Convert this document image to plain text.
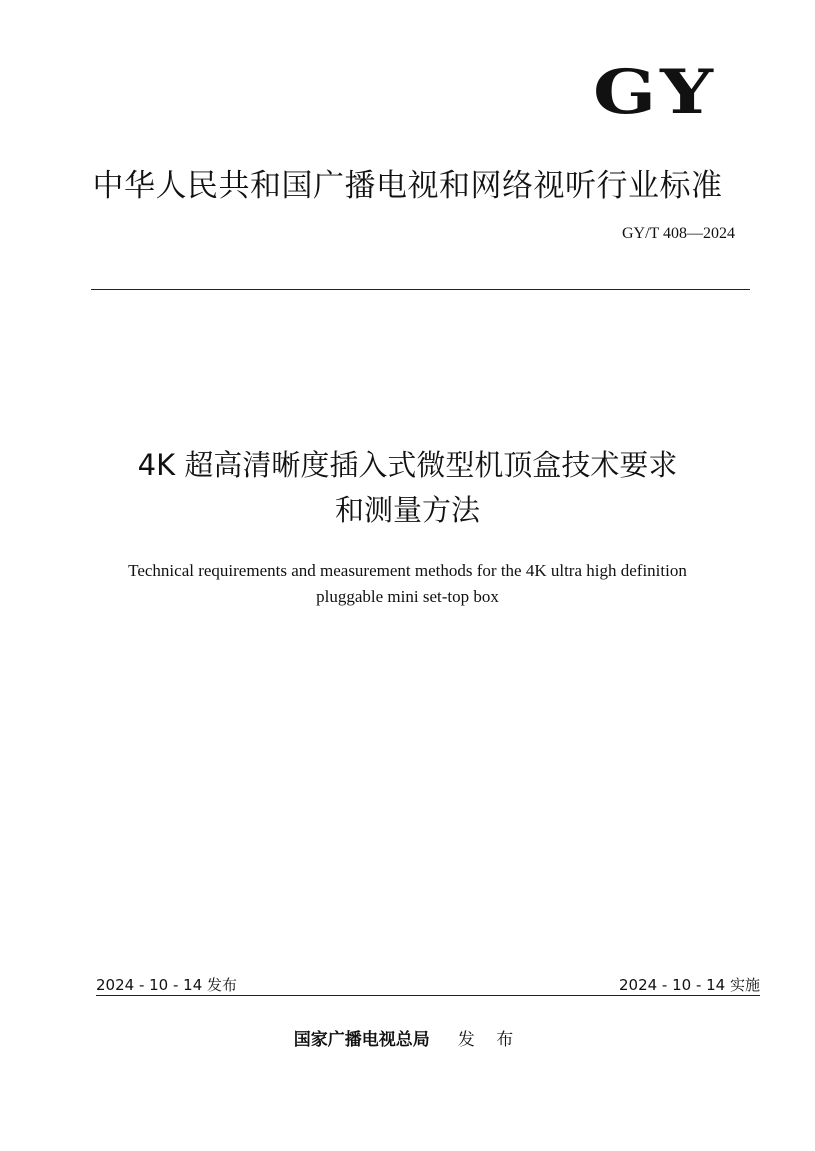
GY
中华人民共和国广播电视和网络视听行业标准
GY/T 408—2024
4K 超高清晰度插入式微型机顶盒技术要求
和测量方法
Technical requirements and measurement methods for the 4K ultra high definition
pluggable mini set-top box
2024 - 10 - 14 发布	2024 - 10 - 14 实施
国家广播电视总局 发 布
